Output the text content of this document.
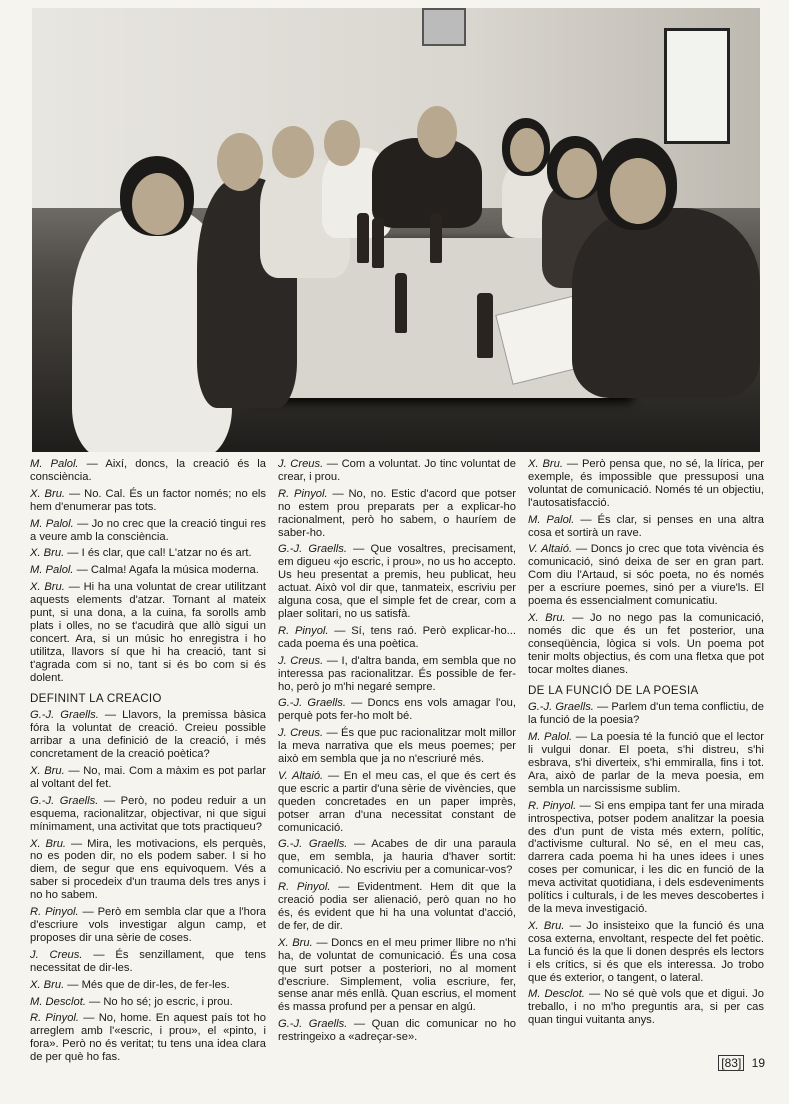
M. Palol. — Així, doncs, la creació és la consciència.

X. Bru. — No. Cal. És un factor només; no els hem d'enumerar pas tots.

M. Palol. — Jo no crec que la creació tingui res a veure amb la consciència.

X. Bru. — I és clar, que cal! L'atzar no és art.

M. Palol. — Calma! Agafa la música moderna.

X. Bru. — Hi ha una voluntat de crear utilitzant aquests elements d'atzar. Tornant al mateix punt, si una dona, a la cuina, fa sorolls amb plats i olles, no se t'acudirà que allò sigui un concert. Ara, si un músic ho enregistra i ho utilitza, llavors sí que hi ha creació, tant si t'agrada com si no, tant si és bo com si és dolent.

DEFININT LA CREACIO

G.-J. Graells. — Llavors, la premissa bàsica fóra la voluntat de creació. Creieu possible arribar a una definició de la creació, i més concretament de la creació poètica?

X. Bru. — No, mai. Com a màxim es pot parlar al voltant del fet.

G.-J. Graells. — Però, no podeu reduir a un esquema, racionalitzar, objectivar, ni que sigui mínimament, una activitat que tots practiqueu?

X. Bru. — Mira, les motivacions, els perquès, no es poden dir, no els podem saber. I si ho diem, de segur que ens equivoquem. Vés a saber si procedeix d'un trauma dels tres anys i no ho sabem.

R. Pinyol. — Però em sembla clar que a l'hora d'escriure vols investigar algun camp, et proposes dir una sèrie de coses.

J. Creus. — És senzillament, que tens necessitat de dir-les.

X. Bru. — Més que de dir-les, de fer-les.

M. Desclot. — No ho sé; jo escric, i prou.

R. Pinyol. — No, home. En aquest país tot ho arreglem amb l'«escric, i prou», el «pinto, i fora». Però no és veritat; tu tens una idea clara de per què ho fas.

J. Creus. — Com a voluntat. Jo tinc voluntat de crear, i prou.

R. Pinyol. — No, no. Estic d'acord que potser no estem prou preparats per a explicar-ho racionalment, però ho sabem, o hauríem de saber-ho.

G.-J. Graells. — Que vosaltres, precisament, em digueu «jo escric, i prou», no us ho accepto. Us heu presentat a premis, heu publicat, heu actuat. Això vol dir que, tanmateix, escriviu per alguna cosa, que el simple fet de crear, com a plaer solitari, no us satisfà.

R. Pinyol. — Sí, tens raó. Però explicar-ho... cada poema és una poètica.

J. Creus. — I, d'altra banda, em sembla que no interessa pas racionalitzar. És possible de fer-ho, però jo m'hi negaré sempre.

G.-J. Graells. — Doncs ens vols amagar l'ou, perquè pots fer-ho molt bé.

J. Creus. — És que puc racionalitzar molt millor la meva narrativa que els meus poemes; per això em sembla que ja no n'escriuré més.

V. Altaió. — En el meu cas, el que és cert és que escric a partir d'una sèrie de vivències, que queden concretades en un paper imprès, potser arran d'una necessitat constant de comunicació.

G.-J. Graells. — Acabes de dir una paraula que, em sembla, ja hauria d'haver sortit: comunicació. No escriviu per a comunicar-vos?

R. Pinyol. — Evidentment. Hem dit que la creació podia ser alienació, però quan no ho és, és evident que hi ha una voluntat d'acció, de fer, de dir.

X. Bru. — Doncs en el meu primer llibre no n'hi ha, de voluntat de comunicació. És una cosa que surt potser a posteriori, no al moment d'escriure. Simplement, volia escriure, fer, sense anar més enllà. Quan escrius, el moment és massa profund per a pensar en algú.

G.-J. Graells. — Quan dic comunicar no ho restringeixo a «adreçar-se».

X. Bru. — Però pensa que, no sé, la lírica, per exemple, és impossible que pressuposi una voluntat de comunicació. Només té un objectiu, l'autosatisfacció.

M. Palol. — És clar, si penses en una altra cosa et sortirà un rave.

V. Altaió. — Doncs jo crec que tota vivència és comunicació, sinó deixa de ser en gran part. Com diu l'Artaud, si sóc poeta, no és només per a escriure poemes, sinó per a viure'ls. El poema és essencialment comunicatiu.

X. Bru. — Jo no nego pas la comunicació, només dic que és un fet posterior, una conseqüència, lògica si vols. Un poema pot tenir molts objectius, és com una fletxa que pot tocar moltes dianes.

DE LA FUNCIÓ DE LA POESIA

G.-J. Graells. — Parlem d'un tema conflictiu, de la funció de la poesia?

M. Palol. — La poesia té la funció que el lector li vulgui donar. El poeta, s'hi distreu, s'hi esbrava, s'hi diverteix, s'hi emmiralla, fins i tot. Ara, això de parlar de la meva poesia, em sembla un narcissisme sublim.

R. Pinyol. — Si ens empipa tant fer una mirada introspectiva, potser podem analitzar la poesia des d'un punt de vista més extern, polític, d'activisme cultural. No sé, en el meu cas, darrera cada poema hi ha unes idees i unes coses per comunicar, i les dic en funció de la meva activitat quotidiana, i dels esdeveniments polítics i culturals, i de les meves descobertes i de la meva investigació.

X. Bru. — Jo insisteixo que la funció és una cosa externa, envoltant, respecte del fet poètic. La funció és la que li donen després els lectors i els crítics, si és que els interessa. Jo trobo que és exterior, o tangent, o lateral.

M. Desclot. — No sé què vols que et digui. Jo treballo, i no m'ho preguntis ara, si per cas quan tingui vuitanta anys.

[83] 19
